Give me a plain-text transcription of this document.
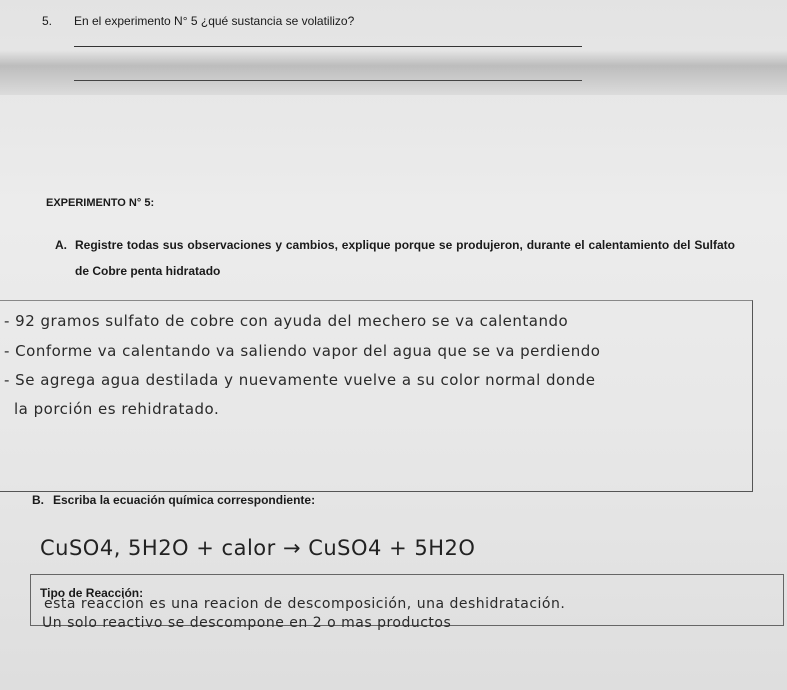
5. En el experimento N° 5 ¿qué sustancia se volatilizo?
EXPERIMENTO N° 5:
A. Registre todas sus observaciones y cambios, explique porque se produjeron, durante el calentamiento del Sulfato de Cobre penta hidratado
- 92 gramos sulfato de cobre con ayuda del mechero se va calentando
- Conforme va calentando va saliendo vapor del agua que se va perdiendo
- Se agrega agua destilada y nuevamente vuelve a su color normal donde
la porción es rehidratado.
B. Escriba la ecuación química correspondiente:
CuSO4, 5H2O + calor → CuSO4 + 5H2O
Tipo de Reacción:
esta reaccion es una reacion de descomposición, una deshidratación.
Un solo reactivo se descompone en 2 o mas productos
